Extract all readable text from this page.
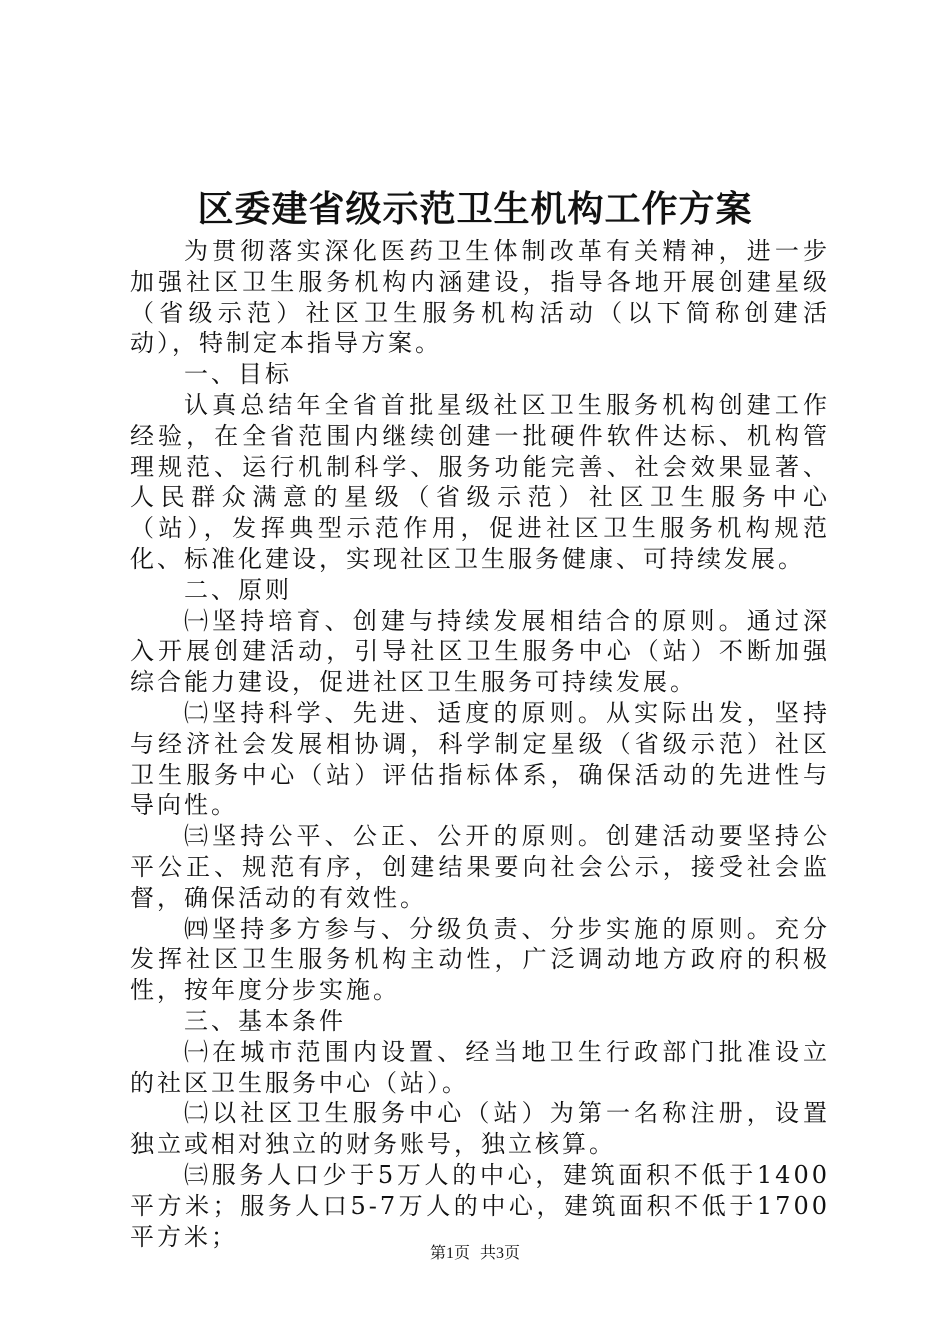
区委建省级示范卫生机构工作方案

为贯彻落实深化医药卫生体制改革有关精神，进一步加强社区卫生服务机构内涵建设，指导各地开展创建星级（省级示范）社区卫生服务机构活动（以下简称创建活动），特制定本指导方案。

一、目标

认真总结年全省首批星级社区卫生服务机构创建工作经验，在全省范围内继续创建一批硬件软件达标、机构管理规范、运行机制科学、服务功能完善、社会效果显著、人民群众满意的星级（省级示范）社区卫生服务中心（站），发挥典型示范作用，促进社区卫生服务机构规范化、标准化建设，实现社区卫生服务健康、可持续发展。

二、原则

㈠坚持培育、创建与持续发展相结合的原则。通过深入开展创建活动，引导社区卫生服务中心（站）不断加强综合能力建设，促进社区卫生服务可持续发展。

㈡坚持科学、先进、适度的原则。从实际出发，坚持与经济社会发展相协调，科学制定星级（省级示范）社区卫生服务中心（站）评估指标体系，确保活动的先进性与导向性。

㈢坚持公平、公正、公开的原则。创建活动要坚持公平公正、规范有序，创建结果要向社会公示，接受社会监督，确保活动的有效性。

㈣坚持多方参与、分级负责、分步实施的原则。充分发挥社区卫生服务机构主动性，广泛调动地方政府的积极性，按年度分步实施。

三、基本条件

㈠在城市范围内设置、经当地卫生行政部门批准设立的社区卫生服务中心（站）。

㈡以社区卫生服务中心（站）为第一名称注册，设置独立或相对独立的财务账号，独立核算。

㈢服务人口少于5万人的中心，建筑面积不低于1400平方米；服务人口5-7万人的中心，建筑面积不低于1700平方米；

第1页 共3页
